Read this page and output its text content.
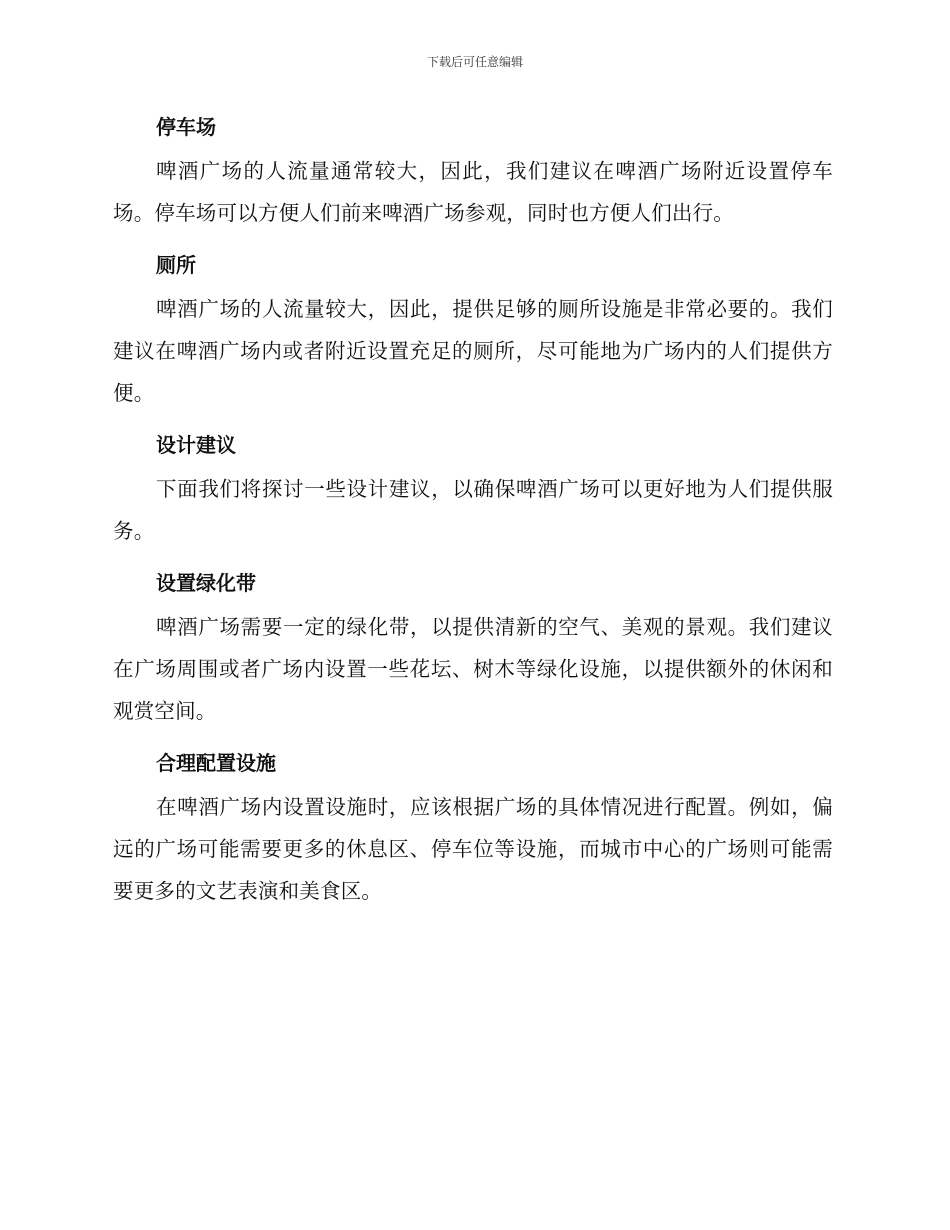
下载后可任意编辑
停车场

啤酒广场的人流量通常较大，因此，我们建议在啤酒广场附近设置停车场。停车场可以方便人们前来啤酒广场参观，同时也方便人们出行。

厕所

啤酒广场的人流量较大，因此，提供足够的厕所设施是非常必要的。我们建议在啤酒广场内或者附近设置充足的厕所，尽可能地为广场内的人们提供方便。

设计建议

下面我们将探讨一些设计建议，以确保啤酒广场可以更好地为人们提供服务。

设置绿化带

啤酒广场需要一定的绿化带，以提供清新的空气、美观的景观。我们建议在广场周围或者广场内设置一些花坛、树木等绿化设施，以提供额外的休闲和观赏空间。

合理配置设施

在啤酒广场内设置设施时，应该根据广场的具体情况进行配置。例如，偏远的广场可能需要更多的休息区、停车位等设施，而城市中心的广场则可能需要更多的文艺表演和美食区。
